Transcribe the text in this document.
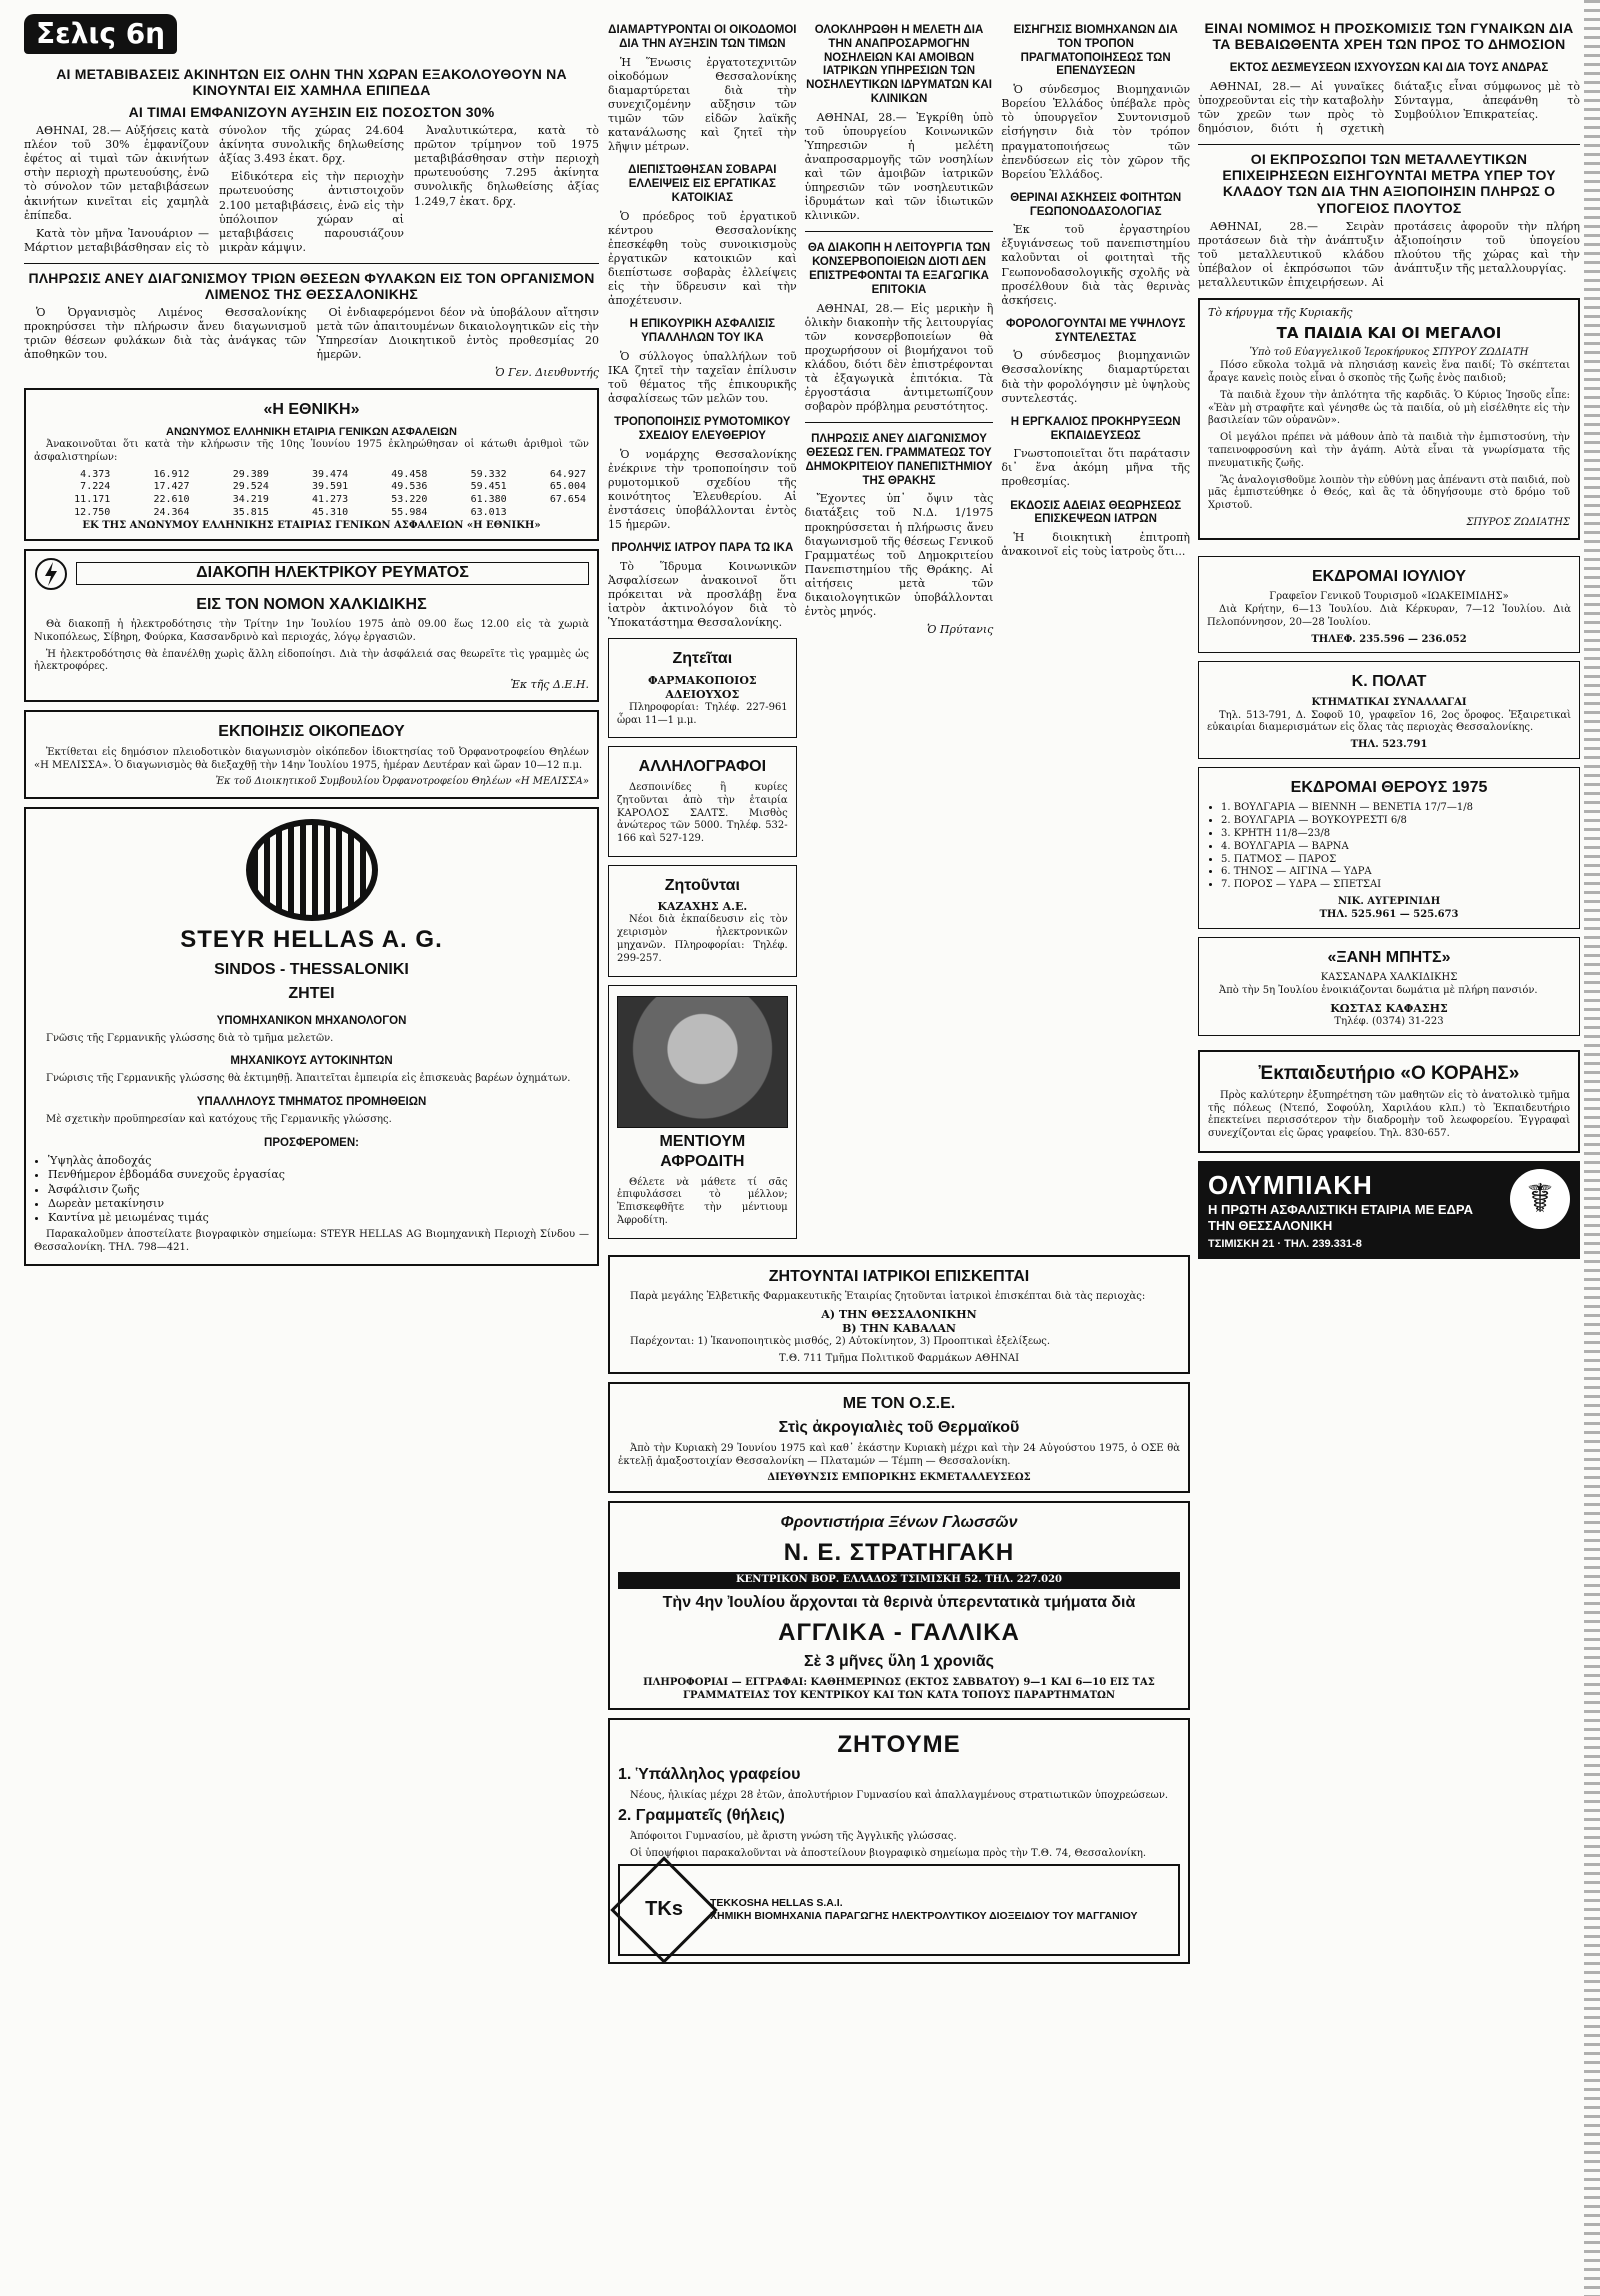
Σελις 6η
ΑΙ ΜΕΤΑΒΙΒΑΣΕΙΣ ΑΚΙΝΗΤΩΝ ΕΙΣ ΟΛΗΝ ΤΗΝ ΧΩΡΑΝ ΕΞΑΚΟΛΟΥΘΟΥΝ ΝΑ ΚΙΝΟΥΝΤΑΙ ΕΙΣ ΧΑΜΗΛΑ ΕΠΙΠΕΔΑ
ΑΙ ΤΙΜΑΙ ΕΜΦΑΝΙΖΟΥΝ ΑΥΞΗΣΙΝ ΕΙΣ ΠΟΣΟΣΤΟΝ 30%

ΑΘΗΝΑΙ, 28.— Αὐξήσεις κατὰ πλέον τοῦ 30% ἐμφανίζουν ἐφέτος αἱ τιμαὶ τῶν ἀκινήτων στὴν περιοχὴ πρωτευούσης, ἐνῶ τὸ σύνολον τῶν μεταβιβάσεων ἀκινήτων κινεῖται εἰς χαμηλὰ ἐπίπεδα.

Κατὰ τὸν μῆνα Ἰανουάριον — Μάρτιον μεταβιβάσθησαν εἰς τὸ σύνολον τῆς χώρας 24.604 ἀκίνητα συνολικῆς δηλωθείσης ἀξίας 3.493 ἑκατ. δρχ.

Εἰδικότερα εἰς τὴν περιοχὴν πρωτευούσης ἀντιστοιχοῦν 2.100 μεταβιβάσεις, ἐνῶ εἰς τὴν ὑπόλοιπον χώραν αἱ μεταβιβάσεις παρουσιάζουν μικρὰν κάμψιν.

Ἀναλυτικώτερα, κατὰ τὸ πρῶτον τρίμηνον τοῦ 1975 μεταβιβάσθησαν στὴν περιοχὴ πρωτευούσης 7.295 ἀκίνητα συνολικῆς δηλωθείσης ἀξίας 1.249,7 ἑκατ. δρχ.

ΠΛΗΡΩΣΙΣ ΑΝΕΥ ΔΙΑΓΩΝΙΣΜΟΥ ΤΡΙΩΝ ΘΕΣΕΩΝ ΦΥΛΑΚΩΝ ΕΙΣ ΤΟΝ ΟΡΓΑΝΙΣΜΟΝ ΛΙΜΕΝΟΣ ΤΗΣ ΘΕΣΣΑΛΟΝΙΚΗΣ

Ὁ Ὀργανισμὸς Λιμένος Θεσσαλονίκης προκηρύσσει τὴν πλήρωσιν ἄνευ διαγωνισμοῦ τριῶν θέσεων φυλάκων διὰ τὰς ἀνάγκας τῶν ἀποθηκῶν του.

Οἱ ἐνδιαφερόμενοι δέον νὰ ὑποβάλουν αἴτησιν μετὰ τῶν ἀπαιτουμένων δικαιολογητικῶν εἰς τὴν Ὑπηρεσίαν Διοικητικοῦ ἐντὸς προθεσμίας 20 ἡμερῶν.

Ὁ Γεν. Διευθυντής
«Η ΕΘΝΙΚΗ»
ΑΝΩΝΥΜΟΣ ΕΛΛΗΝΙΚΗ ΕΤΑΙΡΙΑ ΓΕΝΙΚΩΝ ΑΣΦΑΛΕΙΩΝ

Ἀνακοινοῦται ὅτι κατὰ τὴν κλήρωσιν τῆς 10ης Ἰουνίου 1975 ἐκληρώθησαν οἱ κάτωθι ἀριθμοὶ τῶν ἀσφαλιστηρίων:

4.373	16.912	29.389	39.474	49.458	59.332	64.927
7.224	17.427	29.524	39.591	49.536	59.451	65.004
11.171	22.610	34.219	41.273	53.220	61.380	67.654
12.750	24.364	35.815	45.310	55.984	63.013	
ΕΚ ΤΗΣ ΑΝΩΝΥΜΟΥ ΕΛΛΗΝΙΚΗΣ ΕΤΑΙΡΙΑΣ ΓΕΝΙΚΩΝ ΑΣΦΑΛΕΙΩΝ «Η ΕΘΝΙΚΗ»
ΔΙΑΚΟΠΗ ΗΛΕΚΤΡΙΚΟΥ ΡΕΥΜΑΤΟΣ
ΕΙΣ ΤΟΝ ΝΟΜΟΝ ΧΑΛΚΙΔΙΚΗΣ

Θὰ διακοπῇ ἡ ἠλεκτροδότησις τὴν Τρίτην 1ην Ἰουλίου 1975 ἀπὸ 09.00 ἕως 12.00 εἰς τὰ χωριὰ Νικοπόλεως, Σίβηρη, Φούρκα, Κασσανδρινὸ καὶ περιοχάς, λόγῳ ἐργασιῶν.

Ἡ ἠλεκτροδότησις θὰ ἐπανέλθῃ χωρὶς ἄλλη εἰδοποίησι. Διὰ τὴν ἀσφάλειά σας θεωρεῖτε τὶς γραμμὲς ὡς ἠλεκτροφόρες.

Ἐκ τῆς Δ.Ε.Η.
ΕΚΠΟΙΗΣΙΣ ΟΙΚΟΠΕΔΟΥ

Ἐκτίθεται εἰς δημόσιον πλειοδοτικὸν διαγωνισμὸν οἰκόπεδον ἰδιοκτησίας τοῦ Ὀρφανοτροφείου Θηλέων «Η ΜΕΛΙΣΣΑ». Ὁ διαγωνισμὸς θὰ διεξαχθῇ τὴν 14ην Ἰουλίου 1975, ἡμέραν Δευτέραν καὶ ὥραν 10—12 π.μ.

Ἐκ τοῦ Διοικητικοῦ Συμβουλίου Ὀρφανοτροφείου Θηλέων «Η ΜΕΛΙΣΣΑ»
STEYR HELLAS A. G.
SINDOS - THESSALONIKI
ΖΗΤΕΙ
ΥΠΟΜΗΧΑΝΙΚΟΝ ΜΗΧΑΝΟΛΟΓΟΝ

Γνῶσις τῆς Γερμανικῆς γλώσσης διὰ τὸ τμῆμα μελετῶν.

ΜΗΧΑΝΙΚΟΥΣ ΑΥΤΟΚΙΝΗΤΩΝ

Γνώρισις τῆς Γερμανικῆς γλώσσης θὰ ἐκτιμηθῇ. Ἀπαιτεῖται ἐμπειρία εἰς ἐπισκευὰς βαρέων ὀχημάτων.

ΥΠΑΛΛΗΛΟΥΣ ΤΜΗΜΑΤΟΣ ΠΡΟΜΗΘΕΙΩΝ

Μὲ σχετικὴν προϋπηρεσίαν καὶ κατόχους τῆς Γερμανικῆς γλώσσης.

ΠΡΟΣΦΕΡΟΜΕΝ:
• Ὑψηλὰς ἀποδοχάς
• Πενθήμερον ἑβδομάδα συνεχοῦς ἐργασίας
• Ἀσφάλισιν ζωῆς
• Δωρεὰν μετακίνησιν
• Καντίνα μὲ μειωμένας τιμάς

Παρακαλοῦμεν ἀποστείλατε βιογραφικὸν σημείωμα: STEYR HELLAS AG Βιομηχανικὴ Περιοχὴ Σίνδου — Θεσσαλονίκη. ΤΗΛ. 798—421.

ΔΙΑΜΑΡΤΥΡΟΝΤΑΙ ΟΙ ΟΙΚΟΔΟΜΟΙ ΔΙΑ ΤΗΝ ΑΥΞΗΣΙΝ ΤΩΝ ΤΙΜΩΝ

Ἡ Ἕνωσις ἐργατοτεχνιτῶν οἰκοδόμων Θεσσαλονίκης διαμαρτύρεται διὰ τὴν συνεχιζομένην αὔξησιν τῶν τιμῶν τῶν εἰδῶν λαϊκῆς κατανάλωσης καὶ ζητεῖ τὴν λῆψιν μέτρων.

ΔΙΕΠΙΣΤΩΘΗΣΑΝ ΣΟΒΑΡΑΙ ΕΛΛΕΙΨΕΙΣ ΕΙΣ ΕΡΓΑΤΙΚΑΣ ΚΑΤΟΙΚΙΑΣ

Ὁ πρόεδρος τοῦ ἐργατικοῦ κέντρου Θεσσαλονίκης ἐπεσκέφθη τοὺς συνοικισμοὺς ἐργατικῶν κατοικιῶν καὶ διεπίστωσε σοβαρὰς ἐλλείψεις εἰς τὴν ὕδρευσιν καὶ τὴν ἀποχέτευσιν.

Η ΕΠΙΚΟΥΡΙΚΗ ΑΣΦΑΛΙΣΙΣ ΥΠΑΛΛΗΛΩΝ ΤΟΥ ΙΚΑ

Ὁ σύλλογος ὑπαλλήλων τοῦ ΙΚΑ ζητεῖ τὴν ταχεῖαν ἐπίλυσιν τοῦ θέματος τῆς ἐπικουρικῆς ἀσφαλίσεως τῶν μελῶν του.

ΤΡΟΠΟΠΟΙΗΣΙΣ ΡΥΜΟΤΟΜΙΚΟΥ ΣΧΕΔΙΟΥ ΕΛΕΥΘΕΡΙΟΥ

Ὁ νομάρχης Θεσσαλονίκης ἐνέκρινε τὴν τροποποίησιν τοῦ ρυμοτομικοῦ σχεδίου τῆς κοινότητος Ἐλευθερίου. Αἱ ἐνστάσεις ὑποβάλλονται ἐντὸς 15 ἡμερῶν.

ΠΡΟΛΗΨΙΣ ΙΑΤΡΟΥ ΠΑΡΑ ΤΩ ΙΚΑ

Τὸ Ἵδρυμα Κοινωνικῶν Ἀσφαλίσεων ἀνακοινοῖ ὅτι πρόκειται νὰ προσλάβῃ ἕνα ἰατρὸν ἀκτινολόγον διὰ τὸ Ὑποκατάστημα Θεσσαλονίκης.

Ζητεῖται
ΦΑΡΜΑΚΟΠΟΙΟΣ ΑΔΕΙΟΥΧΟΣ

Πληροφορίαι: Τηλέφ. 227-961 ὧραι 11—1 μ.μ.

ΑΛΛΗΛΟΓΡΑΦΟΙ

Δεσποινίδες ἢ κυρίες ζητοῦνται ἀπὸ τὴν ἑταιρία ΚΑΡΟΛΟΣ ΣΑΛΤΣ. Μισθὸς ἀνώτερος τῶν 5000. Τηλέφ. 532-166 καὶ 527-129.

Ζητοῦνται
ΚΑΖΑΧΗΣ Α.Ε.

Νέοι διὰ ἐκπαίδευσιν εἰς τὸν χειρισμὸν ἠλεκτρονικῶν μηχανῶν. Πληροφορίαι: Τηλέφ. 299-257.

ΜΕΝΤΙΟΥΜ ΑΦΡΟΔΙΤΗ

Θέλετε νὰ μάθετε τί σᾶς ἐπιφυλάσσει τὸ μέλλον; Ἐπισκεφθῆτε τὴν μέντιουμ Ἀφροδίτη.

ΟΛΟΚΛΗΡΩΘΗ Η ΜΕΛΕΤΗ ΔΙΑ ΤΗΝ ΑΝΑΠΡΟΣΑΡΜΟΓΗΝ ΝΟΣΗΛΕΙΩΝ ΚΑΙ ΑΜΟΙΒΩΝ ΙΑΤΡΙΚΩΝ ΥΠΗΡΕΣΙΩΝ ΤΩΝ ΝΟΣΗΛΕΥΤΙΚΩΝ ΙΔΡΥΜΑΤΩΝ ΚΑΙ ΚΛΙΝΙΚΩΝ

ΑΘΗΝΑΙ, 28.— Ἐγκρίθη ὑπὸ τοῦ ὑπουργείου Κοινωνικῶν Ὑπηρεσιῶν ἡ μελέτη ἀναπροσαρμογῆς τῶν νοσηλίων καὶ τῶν ἀμοιβῶν ἰατρικῶν ὑπηρεσιῶν τῶν νοσηλευτικῶν ἱδρυμάτων καὶ τῶν ἰδιωτικῶν κλινικῶν.

ΘΑ ΔΙΑΚΟΠΗ Η ΛΕΙΤΟΥΡΓΙΑ ΤΩΝ ΚΟΝΣΕΡΒΟΠΟΙΕΙΩΝ ΔΙΟΤΙ ΔΕΝ ΕΠΙΣΤΡΕΦΟΝΤΑΙ ΤΑ ΕΞΑΓΩΓΙΚΑ ΕΠΙΤΟΚΙΑ

ΑΘΗΝΑΙ, 28.— Εἰς μερικὴν ἢ ὁλικὴν διακοπὴν τῆς λειτουργίας τῶν κονσερβοποιείων θὰ προχωρήσουν οἱ βιομήχανοι τοῦ κλάδου, διότι δὲν ἐπιστρέφονται τὰ ἐξαγωγικὰ ἐπιτόκια. Τὰ ἐργοστάσια ἀντιμετωπίζουν σοβαρὸν πρόβλημα ρευστότητος.

ΠΛΗΡΩΣΙΣ ΑΝΕΥ ΔΙΑΓΩΝΙΣΜΟΥ ΘΕΣΕΩΣ ΓΕΝ. ΓΡΑΜΜΑΤΕΩΣ ΤΟΥ ΔΗΜΟΚΡΙΤΕΙΟΥ ΠΑΝΕΠΙΣΤΗΜΙΟΥ ΤΗΣ ΘΡΑΚΗΣ

Ἔχοντες ὑπ᾿ ὄψιν τὰς διατάξεις τοῦ Ν.Δ. 1/1975 προκηρύσσεται ἡ πλήρωσις ἄνευ διαγωνισμοῦ τῆς θέσεως Γενικοῦ Γραμματέως τοῦ Δημοκριτείου Πανεπιστημίου τῆς Θράκης. Αἱ αἰτήσεις μετὰ τῶν δικαιολογητικῶν ὑποβάλλονται ἐντὸς μηνός.

Ὁ Πρύτανις
ΕΙΣΗΓΗΣΙΣ ΒΙΟΜΗΧΑΝΩΝ ΔΙΑ ΤΟΝ ΤΡΟΠΟΝ ΠΡΑΓΜΑΤΟΠΟΙΗΣΕΩΣ ΤΩΝ ΕΠΕΝΔΥΣΕΩΝ

Ὁ σύνδεσμος Βιομηχανιῶν Βορείου Ἑλλάδος ὑπέβαλε πρὸς τὸ ὑπουργεῖον Συντονισμοῦ εἰσήγησιν διὰ τὸν τρόπον πραγματοποιήσεως τῶν ἐπενδύσεων εἰς τὸν χῶρον τῆς Βορείου Ἑλλάδος.

ΘΕΡΙΝΑΙ ΑΣΚΗΣΕΙΣ ΦΟΙΤΗΤΩΝ ΓΕΩΠΟΝΟΔΑΣΟΛΟΓΙΑΣ

Ἐκ τοῦ ἐργαστηρίου ἐξυγιάνσεως τοῦ πανεπιστημίου καλοῦνται οἱ φοιτηταὶ τῆς Γεωπονοδασολογικῆς σχολῆς νὰ προσέλθουν διὰ τὰς θερινὰς ἀσκήσεις.

ΦΟΡΟΛΟΓΟΥΝΤΑΙ ΜΕ ΥΨΗΛΟΥΣ ΣΥΝΤΕΛΕΣΤΑΣ

Ὁ σύνδεσμος βιομηχανιῶν Θεσσαλονίκης διαμαρτύρεται διὰ τὴν φορολόγησιν μὲ ὑψηλοὺς συντελεστάς.

Η ΕΡΓΚΑΛΙΟΣ ΠΡΟΚΗΡΥΞΕΩΝ ΕΚΠΑΙΔΕΥΣΕΩΣ

Γνωστοποιεῖται ὅτι παράτασιν δι᾿ ἕνα ἀκόμη μῆνα τῆς προθεσμίας.

ΕΚΔΟΣΙΣ ΑΔΕΙΑΣ ΘΕΩΡΗΣΕΩΣ ΕΠΙΣΚΕΨΕΩΝ ΙΑΤΡΩΝ

Ἡ διοικητικὴ ἐπιτροπὴ ἀνακοινοῖ εἰς τοὺς ἰατροὺς ὅτι...

ΖΗΤΟΥΝΤΑΙ ΙΑΤΡΙΚΟΙ ΕΠΙΣΚΕΠΤΑΙ

Παρὰ μεγάλης Ἑλβετικῆς Φαρμακευτικῆς Ἑταιρίας ζητοῦνται ἰατρικοὶ ἐπισκέπται διὰ τὰς περιοχὰς:

Α) ΤΗΝ ΘΕΣΣΑΛΟΝΙΚΗΝ
Β) ΤΗΝ ΚΑΒΑΛΑΝ

Παρέχονται: 1) Ἱκανοποιητικὸς μισθός, 2) Αὐτοκίνητον, 3) Προοπτικαὶ ἐξελίξεως.

Τ.Θ. 711 Τμῆμα Πολιτικοῦ Φαρμάκων ΑΘΗΝΑΙ
ΜΕ ΤΟΝ Ο.Σ.Ε.
Στὶς ἀκρογιαλιὲς τοῦ Θερμαϊκοῦ

Ἀπὸ τὴν Κυριακὴ 29 Ἰουνίου 1975 καὶ καθ᾿ ἑκάστην Κυριακὴ μέχρι καὶ τὴν 24 Αὐγούστου 1975, ὁ ΟΣΕ θὰ ἐκτελῇ ἀμαξοστοιχίαν Θεσσαλονίκη — Πλαταμών — Τέμπη — Θεσσαλονίκη.

ΔΙΕΥΘΥΝΣΙΣ ΕΜΠΟΡΙΚΗΣ ΕΚΜΕΤΑΛΛΕΥΣΕΩΣ
Φροντιστήρια Ξένων Γλωσσῶν
Ν. Ε. ΣΤΡΑΤΗΓΑΚΗ
ΚΕΝΤΡΙΚΟΝ ΒΟΡ. ΕΛΛΑΔΟΣ ΤΣΙΜΙΣΚΗ 52. ΤΗΛ. 227.020
Τὴν 4ην Ἰουλίου ἄρχονται τὰ θερινὰ ὑπερεντατικὰ τμήματα διὰ
ΑΓΓΛΙΚΑ - ΓΑΛΛΙΚΑ
Σὲ 3 μῆνες ὕλη 1 χρονιᾶς
ΠΛΗΡΟΦΟΡΙΑΙ — ΕΓΓΡΑΦΑΙ: ΚΑΘΗΜΕΡΙΝΩΣ (ΕΚΤΟΣ ΣΑΒΒΑΤΟΥ) 9—1 ΚΑΙ 6—10 ΕΙΣ ΤΑΣ ΓΡΑΜΜΑΤΕΙΑΣ ΤΟΥ ΚΕΝΤΡΙΚΟΥ ΚΑΙ ΤΩΝ ΚΑΤΑ ΤΟΠΟΥΣ ΠΑΡΑΡΤΗΜΑΤΩΝ
ΖΗΤΟΥΜΕ
1. Ὑπάλληλος γραφείου

Νέους, ἡλικίας μέχρι 28 ἐτῶν, ἀπολυτήριον Γυμνασίου καὶ ἀπαλλαγμένους στρατιωτικῶν ὑποχρεώσεων.

2. Γραμματεῖς (θήλεις)

Ἀπόφοιτοι Γυμνασίου, μὲ ἄριστη γνώση τῆς Ἀγγλικῆς γλώσσας.

Οἱ ὑποψήφιοι παρακαλοῦνται νὰ ἀποστείλουν βιογραφικὸ σημείωμα πρὸς τὴν Τ.Θ. 74, Θεσσαλονίκη.

TKs	TEKKOSHA HELLAS S.A.I.
ΧΗΜΙΚΗ ΒΙΟΜΗΧΑΝΙΑ ΠΑΡΑΓΩΓΗΣ ΗΛΕΚΤΡΟΛΥΤΙΚΟΥ ΔΙΟΞΕΙΔΙΟΥ ΤΟΥ ΜΑΓΓΑΝΙΟΥ
ΕΙΝΑΙ ΝΟΜΙΜΟΣ Η ΠΡΟΣΚΟΜΙΣΙΣ ΤΩΝ ΓΥΝΑΙΚΩΝ ΔΙΑ ΤΑ ΒΕΒΑΙΩΘΕΝΤΑ ΧΡΕΗ ΤΩΝ ΠΡΟΣ ΤΟ ΔΗΜΟΣΙΟΝ
ΕΚΤΟΣ ΔΕΣΜΕΥΣΕΩΝ ΙΣΧΥΟΥΣΩΝ ΚΑΙ ΔΙΑ ΤΟΥΣ ΑΝΔΡΑΣ

ΑΘΗΝΑΙ, 28.— Αἱ γυναῖκες ὑποχρεοῦνται εἰς τὴν καταβολὴν τῶν χρεῶν των πρὸς τὸ δημόσιον, διότι ἡ σχετικὴ διάταξις εἶναι σύμφωνος μὲ τὸ Σύνταγμα, ἀπεφάνθη τὸ Συμβούλιον Ἐπικρατείας.

ΟΙ ΕΚΠΡΟΣΩΠΟΙ ΤΩΝ ΜΕΤΑΛΛΕΥΤΙΚΩΝ ΕΠΙΧΕΙΡΗΣΕΩΝ ΕΙΣΗΓΟΥΝΤΑΙ ΜΕΤΡΑ ΥΠΕΡ ΤΟΥ ΚΛΑΔΟΥ ΤΩΝ ΔΙΑ ΤΗΝ ΑΞΙΟΠΟΙΗΣΙΝ ΠΛΗΡΩΣ Ο ΥΠΟΓΕΙΟΣ ΠΛΟΥΤΟΣ

ΑΘΗΝΑΙ, 28.— Σειρὰν προτάσεων διὰ τὴν ἀνάπτυξιν τοῦ μεταλλευτικοῦ κλάδου ὑπέβαλον οἱ ἐκπρόσωποι τῶν μεταλλευτικῶν ἐπιχειρήσεων. Αἱ προτάσεις ἀφοροῦν τὴν πλήρη ἀξιοποίησιν τοῦ ὑπογείου πλούτου τῆς χώρας καὶ τὴν ἀνάπτυξιν τῆς μεταλλουργίας.

Τὸ κήρυγμα τῆς Κυριακῆς
ΤΑ ΠΑΙΔΙΑ ΚΑΙ ΟΙ ΜΕΓΑΛΟΙ
Ὑπὸ τοῦ Εὐαγγελικοῦ Ἱεροκήρυκος ΣΠΥΡΟΥ ΖΩΔΙΑΤΗ

Πόσο εὔκολα τολμᾶ νὰ πλησιάσῃ κανεὶς ἕνα παιδί; Τὸ σκέπτεται ἆραγε κανεὶς ποιὸς εἶναι ὁ σκοπὸς τῆς ζωῆς ἑνὸς παιδιοῦ;

Τὰ παιδιὰ ἔχουν τὴν ἁπλότητα τῆς καρδιᾶς. Ὁ Κύριος Ἰησοῦς εἶπε: «Ἐὰν μὴ στραφῆτε καὶ γένησθε ὡς τὰ παιδία, οὐ μὴ εἰσέλθητε εἰς τὴν βασιλείαν τῶν οὐρανῶν».

Οἱ μεγάλοι πρέπει νὰ μάθουν ἀπὸ τὰ παιδιὰ τὴν ἐμπιστοσύνη, τὴν ταπεινοφροσύνη καὶ τὴν ἀγάπη. Αὐτὰ εἶναι τὰ γνωρίσματα τῆς πνευματικῆς ζωῆς.

Ἂς ἀναλογισθοῦμε λοιπὸν τὴν εὐθύνη μας ἀπέναντι στὰ παιδιά, ποὺ μᾶς ἐμπιστεύθηκε ὁ Θεός, καὶ ἂς τὰ ὁδηγήσουμε στὸ δρόμο τοῦ Χριστοῦ.

ΣΠΥΡΟΣ ΖΩΔΙΑΤΗΣ
ΕΚΔΡΟΜΑΙ ΙΟΥΛΙΟΥ
Γραφεῖον Γενικοῦ Τουρισμοῦ «ΙΩΑΚΕΙΜΙΔΗΣ»

Διὰ Κρήτην, 6—13 Ἰουλίου. Διὰ Κέρκυραν, 7—12 Ἰουλίου. Διὰ Πελοπόννησον, 20—28 Ἰουλίου.

ΤΗΛΕΦ. 235.596 — 236.052
Κ. ΠΟΛΑΤ
ΚΤΗΜΑΤΙΚΑΙ ΣΥΝΑΛΛΑΓΑΙ

Τηλ. 513-791, Δ. Σοφοῦ 10, γραφεῖον 16, 2ος ὄροφος. Ἐξαιρετικαὶ εὐκαιρίαι διαμερισμάτων εἰς ὅλας τὰς περιοχὰς Θεσσαλονίκης.

ΤΗΛ. 523.791
ΕΚΔΡΟΜΑΙ ΘΕΡΟΥΣ 1975
• 1. ΒΟΥΛΓΑΡΙΑ — ΒΙΕΝΝΗ — ΒΕΝΕΤΙΑ 17/7—1/8
• 2. ΒΟΥΛΓΑΡΙΑ — ΒΟΥΚΟΥΡΕΣΤΙ 6/8
• 3. ΚΡΗΤΗ 11/8—23/8
• 4. ΒΟΥΛΓΑΡΙΑ — ΒΑΡΝΑ
• 5. ΠΑΤΜΟΣ — ΠΑΡΟΣ
• 6. ΤΗΝΟΣ — ΑΙΓΙΝΑ — ΥΔΡΑ
• 7. ΠΟΡΟΣ — ΥΔΡΑ — ΣΠΕΤΣΑΙ
ΝΙΚ. ΑΥΓΕΡΙΝΙΔΗ
ΤΗΛ. 525.961 — 525.673
«ΞΑΝΗ ΜΠΗΤΣ»
ΚΑΣΣΑΝΔΡΑ ΧΑΛΚΙΔΙΚΗΣ

Ἀπὸ τὴν 5η Ἰουλίου ἐνοικιάζονται δωμάτια μὲ πλήρη πανσιόν.

ΚΩΣΤΑΣ ΚΑΦΑΣΗΣ
Τηλέφ. (0374) 31-223
Ἐκπαιδευτήριο «Ο ΚΟΡΑΗΣ»

Πρὸς καλύτερην ἐξυπηρέτηση τῶν μαθητῶν εἰς τὸ ἀνατολικὸ τμῆμα τῆς πόλεως (Ντεπό, Σοφούλη, Χαριλάου κλπ.) τὸ Ἐκπαιδευτήριο ἐπεκτείνει περισσότερον τὴν διαδρομὴν τοῦ λεωφορείου. Ἐγγραφαὶ συνεχίζονται εἰς ὥρας γραφείου. Τηλ. 830-657.

☤
ΟΛΥΜΠΙΑΚΗ
Η ΠΡΩΤΗ ΑΣΦΑΛΙΣΤΙΚΗ ΕΤΑΙΡΙΑ ΜΕ ΕΔΡΑ ΤΗΝ ΘΕΣΣΑΛΟΝΙΚΗ
ΤΣΙΜΙΣΚΗ 21 · ΤΗΛ. 239.331-8
